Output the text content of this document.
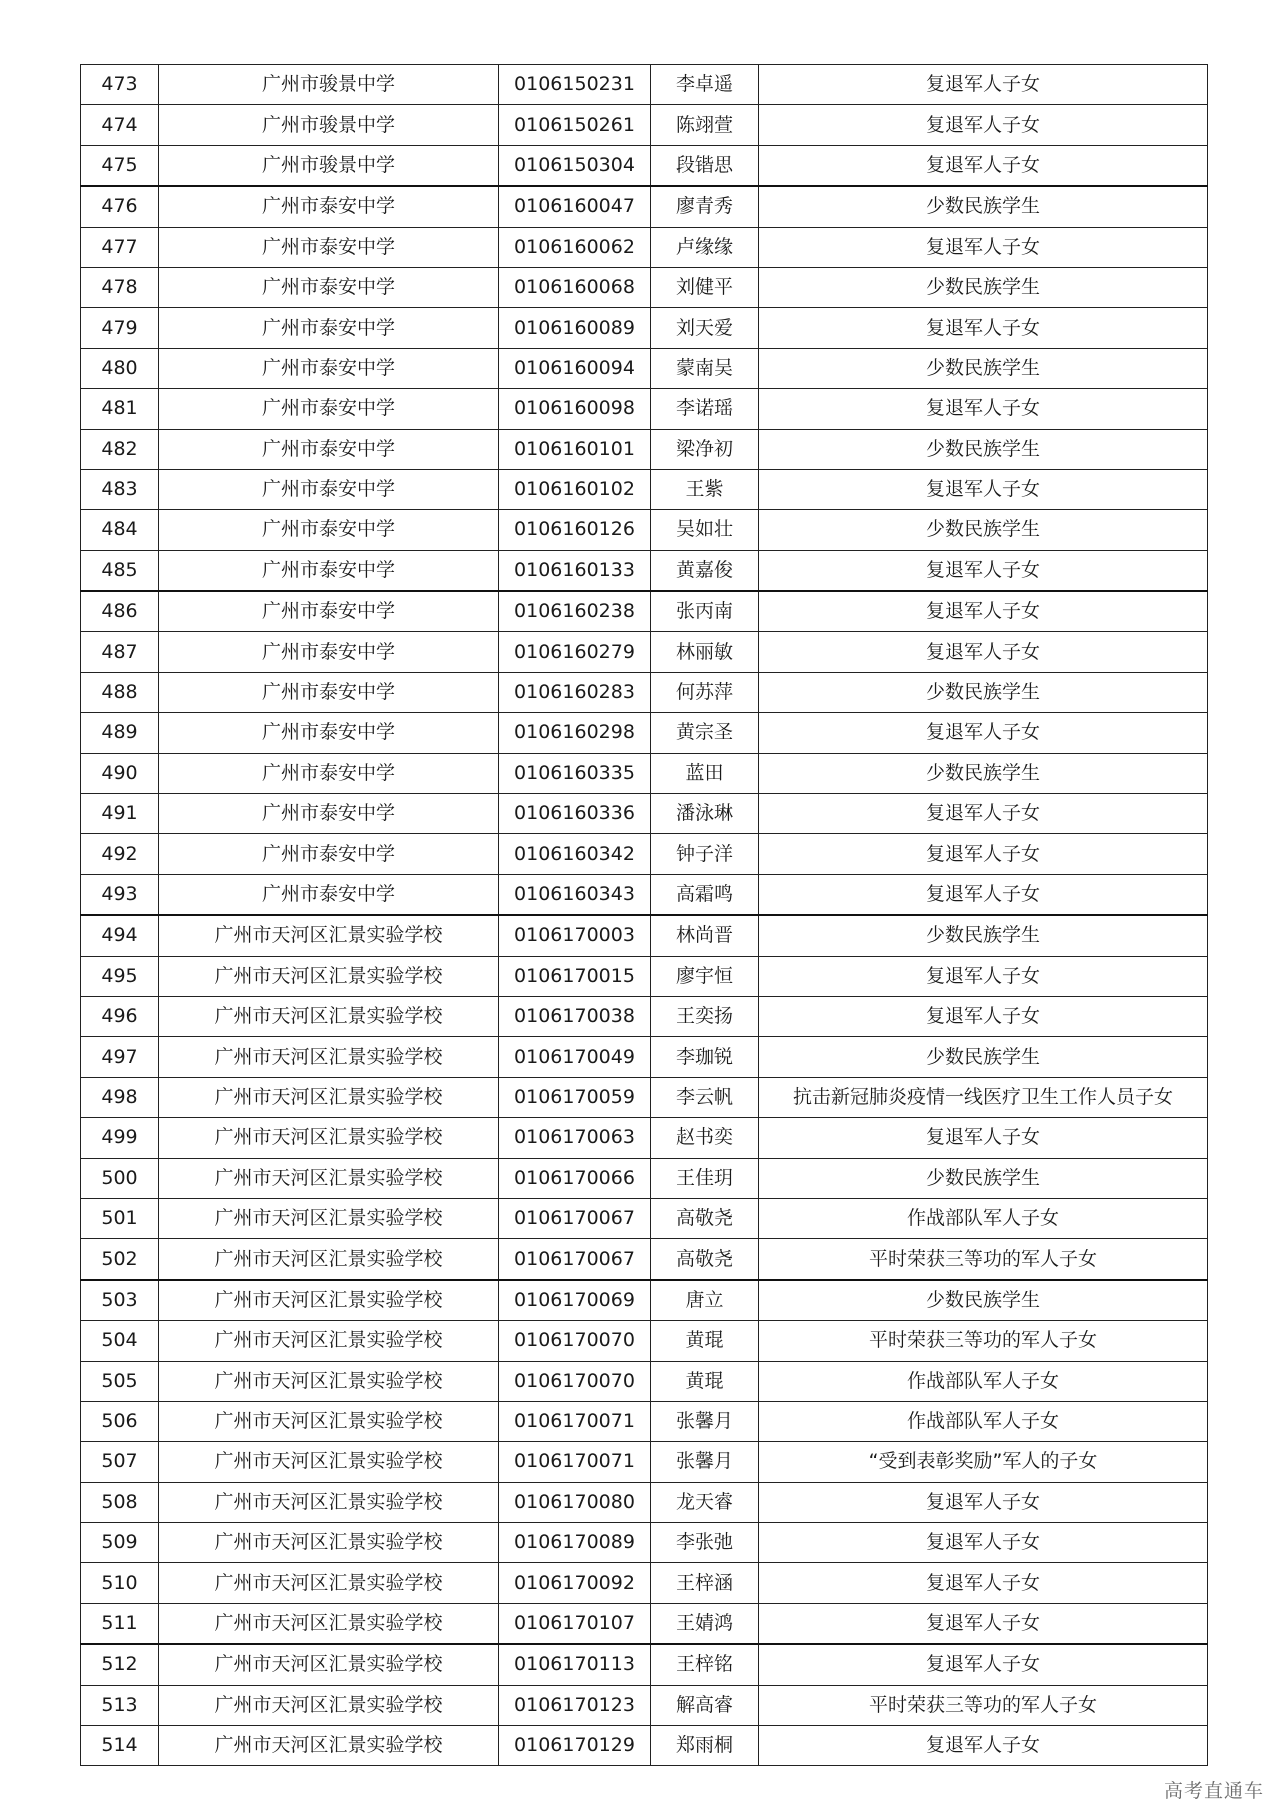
473	广州市骏景中学	0106150231	李卓遥	复退军人子女
474	广州市骏景中学	0106150261	陈翊萱	复退军人子女
475	广州市骏景中学	0106150304	段锴思	复退军人子女
476	广州市泰安中学	0106160047	廖青秀	少数民族学生
477	广州市泰安中学	0106160062	卢缘缘	复退军人子女
478	广州市泰安中学	0106160068	刘健平	少数民族学生
479	广州市泰安中学	0106160089	刘天爱	复退军人子女
480	广州市泰安中学	0106160094	蒙南吴	少数民族学生
481	广州市泰安中学	0106160098	李诺瑶	复退军人子女
482	广州市泰安中学	0106160101	梁净初	少数民族学生
483	广州市泰安中学	0106160102	王紫	复退军人子女
484	广州市泰安中学	0106160126	吴如壮	少数民族学生
485	广州市泰安中学	0106160133	黄嘉俊	复退军人子女
486	广州市泰安中学	0106160238	张丙南	复退军人子女
487	广州市泰安中学	0106160279	林丽敏	复退军人子女
488	广州市泰安中学	0106160283	何苏萍	少数民族学生
489	广州市泰安中学	0106160298	黄宗圣	复退军人子女
490	广州市泰安中学	0106160335	蓝田	少数民族学生
491	广州市泰安中学	0106160336	潘泳琳	复退军人子女
492	广州市泰安中学	0106160342	钟子洋	复退军人子女
493	广州市泰安中学	0106160343	高霜鸣	复退军人子女
494	广州市天河区汇景实验学校	0106170003	林尚晋	少数民族学生
495	广州市天河区汇景实验学校	0106170015	廖宇恒	复退军人子女
496	广州市天河区汇景实验学校	0106170038	王奕扬	复退军人子女
497	广州市天河区汇景实验学校	0106170049	李珈锐	少数民族学生
498	广州市天河区汇景实验学校	0106170059	李云帆	抗击新冠肺炎疫情一线医疗卫生工作人员子女
499	广州市天河区汇景实验学校	0106170063	赵书奕	复退军人子女
500	广州市天河区汇景实验学校	0106170066	王佳玥	少数民族学生
501	广州市天河区汇景实验学校	0106170067	高敬尧	作战部队军人子女
502	广州市天河区汇景实验学校	0106170067	高敬尧	平时荣获三等功的军人子女
503	广州市天河区汇景实验学校	0106170069	唐立	少数民族学生
504	广州市天河区汇景实验学校	0106170070	黄琨	平时荣获三等功的军人子女
505	广州市天河区汇景实验学校	0106170070	黄琨	作战部队军人子女
506	广州市天河区汇景实验学校	0106170071	张馨月	作战部队军人子女
507	广州市天河区汇景实验学校	0106170071	张馨月	“受到表彰奖励”军人的子女
508	广州市天河区汇景实验学校	0106170080	龙天睿	复退军人子女
509	广州市天河区汇景实验学校	0106170089	李张弛	复退军人子女
510	广州市天河区汇景实验学校	0106170092	王梓涵	复退军人子女
511	广州市天河区汇景实验学校	0106170107	王婧鸿	复退军人子女
512	广州市天河区汇景实验学校	0106170113	王梓铭	复退军人子女
513	广州市天河区汇景实验学校	0106170123	解高睿	平时荣获三等功的军人子女
514	广州市天河区汇景实验学校	0106170129	郑雨桐	复退军人子女
高考直通车
